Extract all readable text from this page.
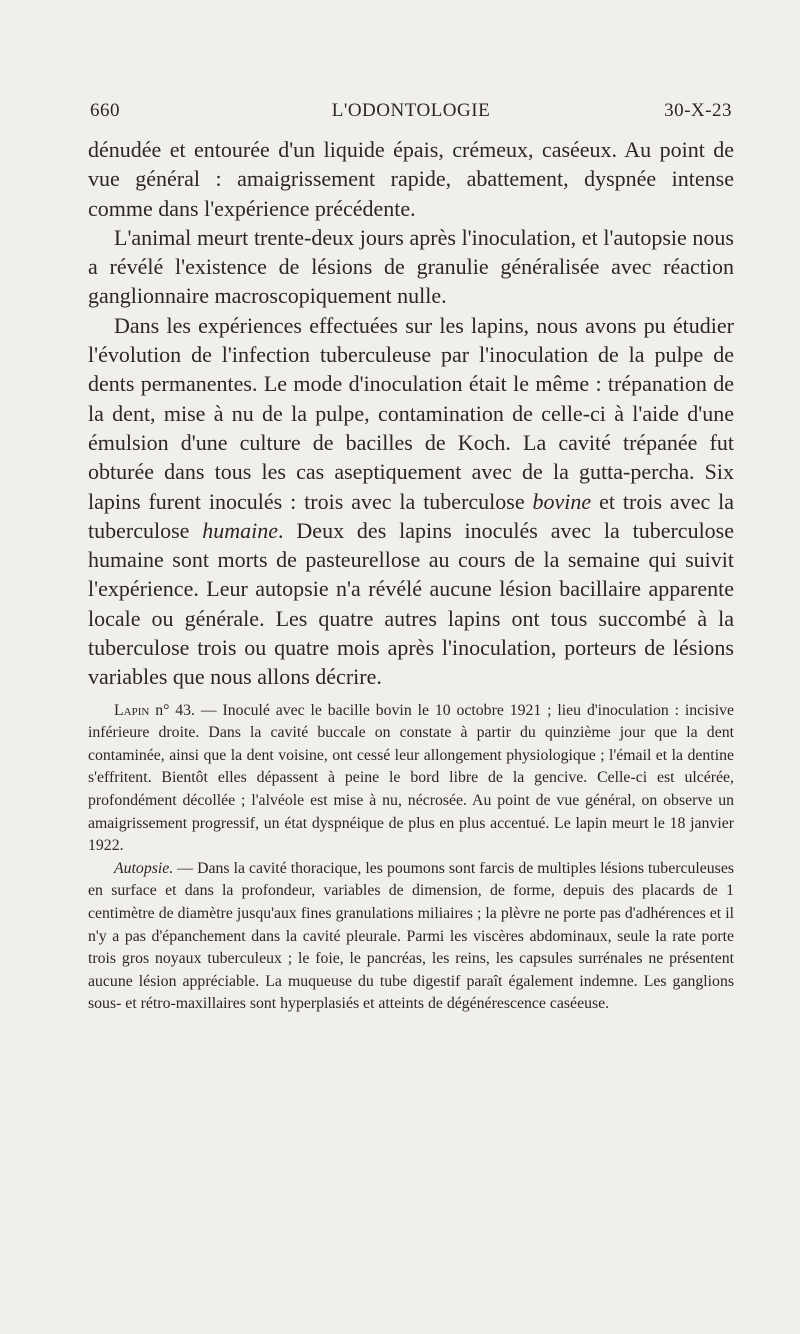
660	L'ODONTOLOGIE	30-X-23

dénudée et entourée d'un liquide épais, crémeux, caséeux. Au point de vue général : amaigrissement rapide, abattement, dyspnée intense comme dans l'expérience précédente.

L'animal meurt trente-deux jours après l'inoculation, et l'autopsie nous a révélé l'existence de lésions de granulie généralisée avec réaction ganglionnaire macroscopiquement nulle.

Dans les expériences effectuées sur les lapins, nous avons pu étudier l'évolution de l'infection tuberculeuse par l'inoculation de la pulpe de dents permanentes. Le mode d'inoculation était le même : trépanation de la dent, mise à nu de la pulpe, contamination de celle-ci à l'aide d'une émulsion d'une culture de bacilles de Koch. La cavité trépanée fut obturée dans tous les cas aseptiquement avec de la gutta-percha. Six lapins furent inoculés : trois avec la tuberculose bovine et trois avec la tuberculose humaine. Deux des lapins inoculés avec la tuberculose humaine sont morts de pasteurellose au cours de la semaine qui suivit l'expérience. Leur autopsie n'a révélé aucune lésion bacillaire apparente locale ou générale. Les quatre autres lapins ont tous succombé à la tuberculose trois ou quatre mois après l'inoculation, porteurs de lésions variables que nous allons décrire.

Lapin n° 43. — Inoculé avec le bacille bovin le 10 octobre 1921 ; lieu d'inoculation : incisive inférieure droite. Dans la cavité buccale on constate à partir du quinzième jour que la dent contaminée, ainsi que la dent voisine, ont cessé leur allongement physiologique ; l'émail et la dentine s'effritent. Bientôt elles dépassent à peine le bord libre de la gencive. Celle-ci est ulcérée, profondément décollée ; l'alvéole est mise à nu, nécrosée. Au point de vue général, on observe un amaigrissement progressif, un état dyspnéique de plus en plus accentué. Le lapin meurt le 18 janvier 1922.

Autopsie. — Dans la cavité thoracique, les poumons sont farcis de multiples lésions tuberculeuses en surface et dans la profondeur, variables de dimension, de forme, depuis des placards de 1 centimètre de diamètre jusqu'aux fines granulations miliaires ; la plèvre ne porte pas d'adhérences et il n'y a pas d'épanchement dans la cavité pleurale. Parmi les viscères abdominaux, seule la rate porte trois gros noyaux tuberculeux ; le foie, le pancréas, les reins, les capsules surrénales ne présentent aucune lésion appréciable. La muqueuse du tube digestif paraît également indemne. Les ganglions sous- et rétro-maxillaires sont hyperplasiés et atteints de dégénérescence caséeuse.
